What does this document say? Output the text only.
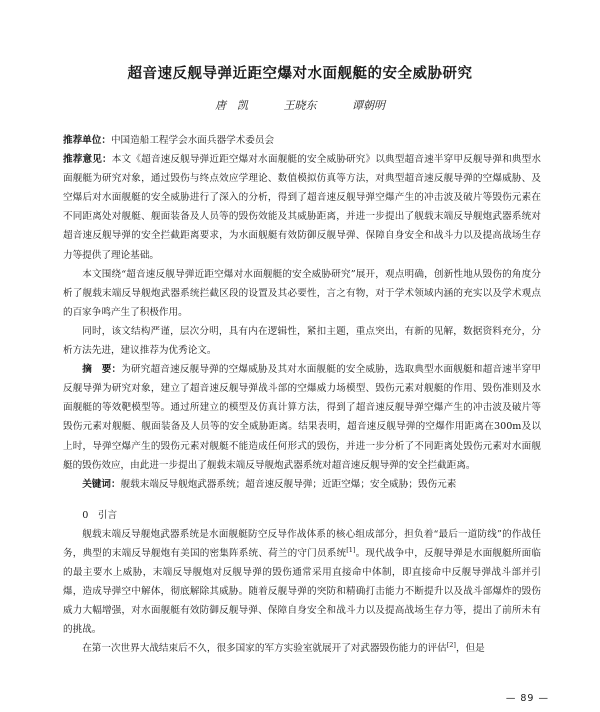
超音速反舰导弹近距空爆对水面舰艇的安全威胁研究
唐　凯	王晓东	谭朝明

推荐单位：中国造船工程学会水面兵器学术委员会

推荐意见：本文《超音速反舰导弹近距空爆对水面舰艇的安全威胁研究》以典型超音速半穿甲反舰导弹和典型水面舰艇为研究对象，通过毁伤与终点效应学理论、数值模拟仿真等方法，对典型超音速反舰导弹的空爆威胁、及空爆后对水面舰艇的安全威胁进行了深入的分析，得到了超音速反舰导弹空爆产生的冲击波及破片等毁伤元素在不同距离处对舰艇、舰面装备及人员等的毁伤效能及其威胁距离，并进一步提出了舰载末端反导舰炮武器系统对超音速反舰导弹的安全拦截距离要求，为水面舰艇有效防御反舰导弹、保障自身安全和战斗力以及提高战场生存力等提供了理论基础。

本文围绕“超音速反舰导弹近距空爆对水面舰艇的安全威胁研究”展开，观点明确，创新性地从毁伤的角度分析了舰载末端反导舰炮武器系统拦截区段的设置及其必要性，言之有物，对于学术领域内涵的充实以及学术观点的百家争鸣产生了积极作用。

同时，该文结构严谨，层次分明，具有内在逻辑性，紧扣主题，重点突出，有新的见解，数据资料充分，分析方法先进，建议推荐为优秀论文。

摘　要：为研究超音速反舰导弹的空爆威胁及其对水面舰艇的安全威胁，选取典型水面舰艇和超音速半穿甲反舰导弹为研究对象，建立了超音速反舰导弹战斗部的空爆威力场模型、毁伤元素对舰艇的作用、毁伤准则及水面舰艇的等效靶模型等。通过所建立的模型及仿真计算方法，得到了超音速反舰导弹空爆产生的冲击波及破片等毁伤元素对舰艇、舰面装备及人员等的安全威胁距离。结果表明，超音速反舰导弹的空爆作用距离在300m及以上时，导弹空爆产生的毁伤元素对舰艇不能造成任何形式的毁伤，并进一步分析了不同距离处毁伤元素对水面舰艇的毁伤效应，由此进一步提出了舰载末端反导舰炮武器系统对超音速反舰导弹的安全拦截距离。

关键词：舰载末端反导舰炮武器系统；超音速反舰导弹；近距空爆；安全威胁；毁伤元素

0　引言

舰载末端反导舰炮武器系统是水面舰艇防空反导作战体系的核心组成部分，担负着“最后一道防线”的作战任务，典型的末端反导舰炮有美国的密集阵系统、荷兰的守门员系统[1]。现代战争中，反舰导弹是水面舰艇所面临的最主要水上威胁，末端反导舰炮对反舰导弹的毁伤通常采用直接命中体制，即直接命中反舰导弹战斗部并引爆，造成导弹空中解体，彻底解除其威胁。随着反舰导弹的突防和精确打击能力不断提升以及战斗部爆炸的毁伤威力大幅增强，对水面舰艇有效防御反舰导弹、保障自身安全和战斗力以及提高战场生存力等，提出了前所未有的挑战。

在第一次世界大战结束后不久，很多国家的军方实验室就展开了对武器毁伤能力的评估[2]，但是

— 89 —
